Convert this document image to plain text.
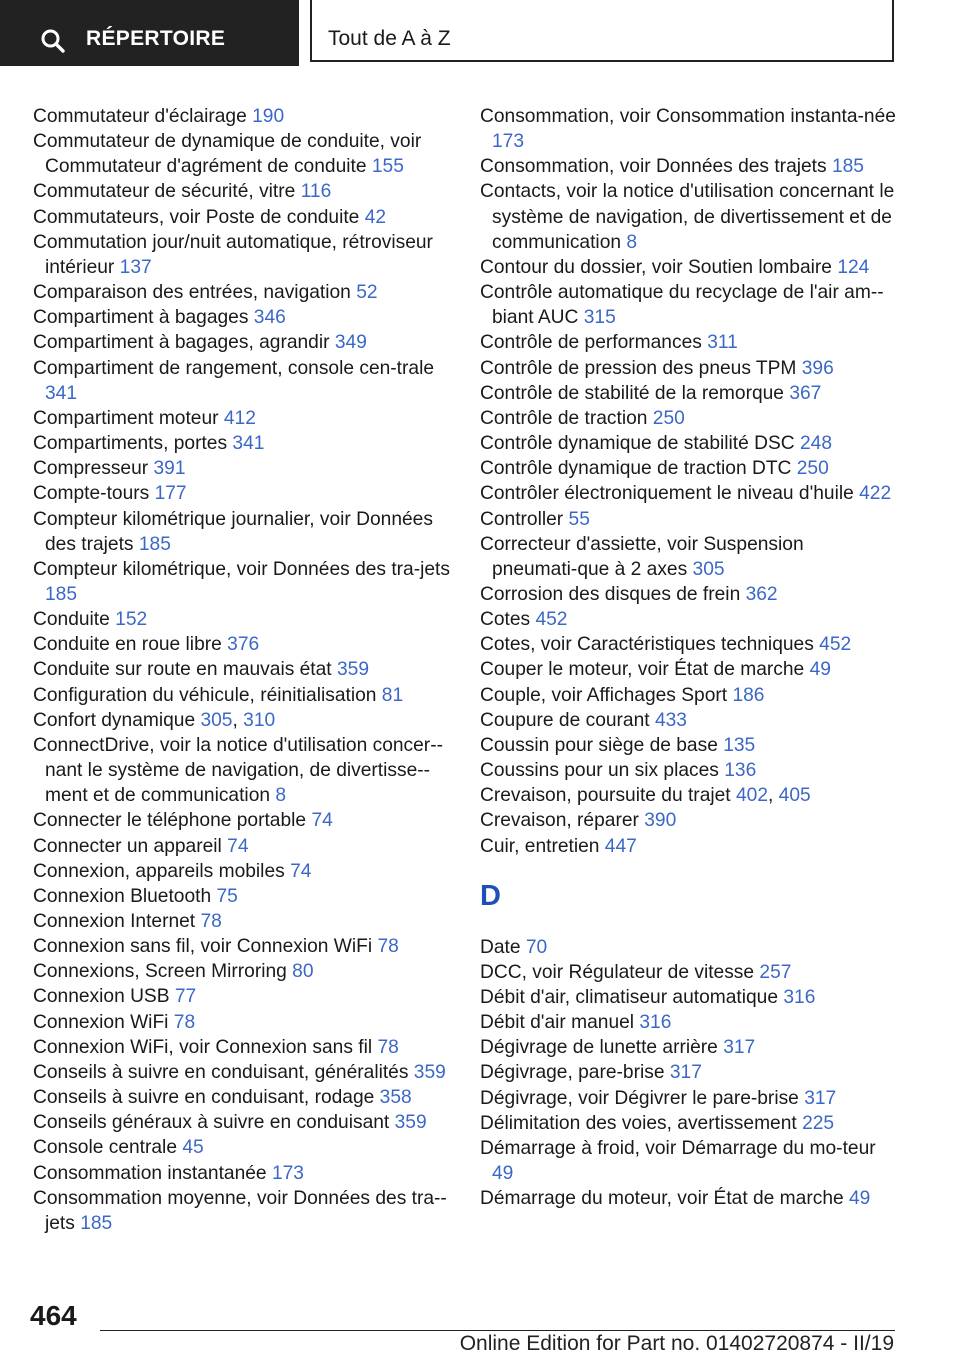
RÉPERTOIRE	Tout de A à Z
Commutateur d'éclairage 190
Commutateur de dynamique de conduite, voir Commutateur d'agrément de conduite 155
Commutateur de sécurité, vitre 116
Commutateurs, voir Poste de conduite 42
Commutation jour/nuit automatique, rétroviseur intérieur 137
Comparaison des entrées, navigation 52
Compartiment à bagages 346
Compartiment à bagages, agrandir 349
Compartiment de rangement, console cen-trale 341
Compartiment moteur 412
Compartiments, portes 341
Compresseur 391
Compte-tours 177
Compteur kilométrique journalier, voir Données des trajets 185
Compteur kilométrique, voir Données des tra-jets 185
Conduite 152
Conduite en roue libre 376
Conduite sur route en mauvais état 359
Configuration du véhicule, réinitialisation 81
Confort dynamique 305, 310
ConnectDrive, voir la notice d'utilisation concer-nant le système de navigation, de divertisse-ment et de communication 8
Connecter le téléphone portable 74
Connecter un appareil 74
Connexion, appareils mobiles 74
Connexion Bluetooth 75
Connexion Internet 78
Connexion sans fil, voir Connexion WiFi 78
Connexions, Screen Mirroring 80
Connexion USB 77
Connexion WiFi 78
Connexion WiFi, voir Connexion sans fil 78
Conseils à suivre en conduisant, généralités 359
Conseils à suivre en conduisant, rodage 358
Conseils généraux à suivre en conduisant 359
Console centrale 45
Consommation instantanée 173
Consommation moyenne, voir Données des tra-jets 185
Consommation, voir Consommation instanta-née 173
Consommation, voir Données des trajets 185
Contacts, voir la notice d'utilisation concernant le système de navigation, de divertissement et de communication 8
Contour du dossier, voir Soutien lombaire 124
Contrôle automatique du recyclage de l'air am-biant AUC 315
Contrôle de performances 311
Contrôle de pression des pneus TPM 396
Contrôle de stabilité de la remorque 367
Contrôle de traction 250
Contrôle dynamique de stabilité DSC 248
Contrôle dynamique de traction DTC 250
Contrôler électroniquement le niveau d'huile 422
Controller 55
Correcteur d'assiette, voir Suspension pneumati-que à 2 axes 305
Corrosion des disques de frein 362
Cotes 452
Cotes, voir Caractéristiques techniques 452
Couper le moteur, voir État de marche 49
Couple, voir Affichages Sport 186
Coupure de courant 433
Coussin pour siège de base 135
Coussins pour un six places 136
Crevaison, poursuite du trajet 402, 405
Crevaison, réparer 390
Cuir, entretien 447
D
Date 70
DCC, voir Régulateur de vitesse 257
Débit d'air, climatiseur automatique 316
Débit d'air manuel 316
Dégivrage de lunette arrière 317
Dégivrage, pare-brise 317
Dégivrage, voir Dégivrer le pare-brise 317
Délimitation des voies, avertissement 225
Démarrage à froid, voir Démarrage du mo-teur 49
Démarrage du moteur, voir État de marche 49
464
Online Edition for Part no. 01402720874 - II/19
